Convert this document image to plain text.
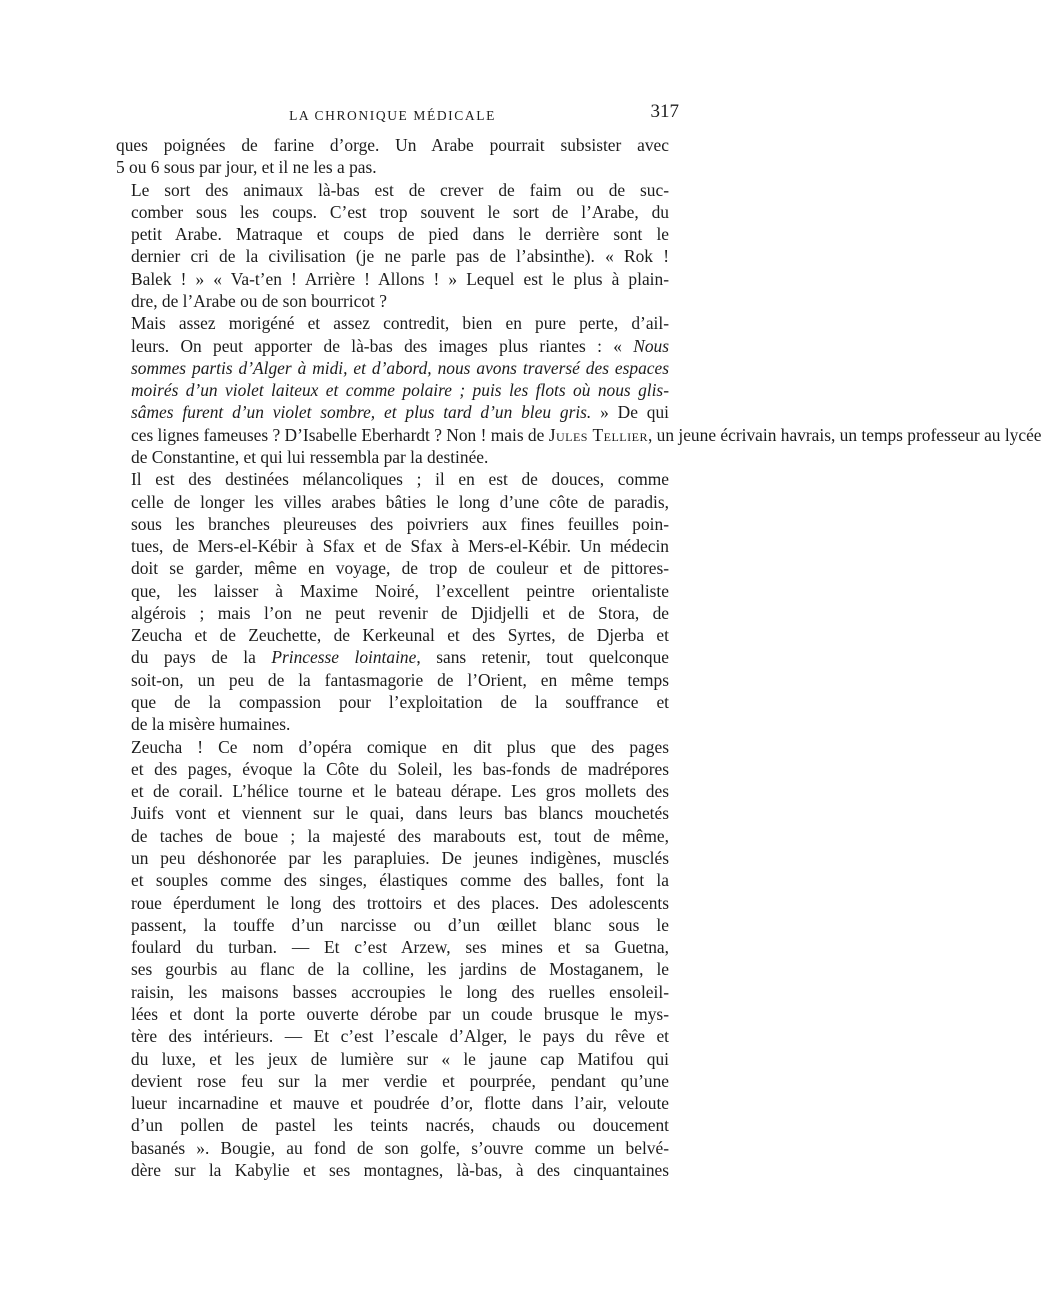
LA CHRONIQUE MÉDICALE	317

ques poignées de farine d’orge. Un Arabe pourrait subsister avec
5 ou 6 sous par jour, et il ne les a pas.

Le sort des animaux là-bas est de crever de faim ou de suc-
comber sous les coups. C’est trop souvent le sort de l’Arabe, du
petit Arabe. Matraque et coups de pied dans le derrière sont le
dernier cri de la civilisation (je ne parle pas de l’absinthe). « Rok !
Balek ! » « Va-t’en ! Arrière ! Allons ! » Lequel est le plus à plain-
dre, de l’Arabe ou de son bourricot ?

Mais assez morigéné et assez contredit, bien en pure perte, d’ail-
leurs. On peut apporter de là-bas des images plus riantes : « Nous
sommes partis d’Alger à midi, et d’abord, nous avons traversé des espaces
moirés d’un violet laiteux et comme polaire ; puis les flots où nous glis-
sâmes furent d’un violet sombre, et plus tard d’un bleu gris. » De qui
ces lignes fameuses ? D’Isabelle Eberhardt ? Non ! mais de Jules Tellier, un jeune écrivain havrais, un temps professeur au lycée
de Constantine, et qui lui ressembla par la destinée.

Il est des destinées mélancoliques ; il en est de douces, comme
celle de longer les villes arabes bâties le long d’une côte de paradis,
sous les branches pleureuses des poivriers aux fines feuilles poin-
tues, de Mers-el-Kébir à Sfax et de Sfax à Mers-el-Kébir. Un médecin
doit se garder, même en voyage, de trop de couleur et de pittores-
que, les laisser à Maxime Noiré, l’excellent peintre orientaliste
algérois ; mais l’on ne peut revenir de Djidjelli et de Stora, de
Zeucha et de Zeuchette, de Kerkeunal et des Syrtes, de Djerba et
du pays de la Princesse lointaine, sans retenir, tout quelconque
soit-on, un peu de la fantasmagorie de l’Orient, en même temps
que de la compassion pour l’exploitation de la souffrance et
de la misère humaines.

Zeucha ! Ce nom d’opéra comique en dit plus que des pages
et des pages, évoque la Côte du Soleil, les bas-fonds de madrépores
et de corail. L’hélice tourne et le bateau dérape. Les gros mollets des
Juifs vont et viennent sur le quai, dans leurs bas blancs mouchetés
de taches de boue ; la majesté des marabouts est, tout de même,
un peu déshonorée par les parapluies. De jeunes indigènes, musclés
et souples comme des singes, élastiques comme des balles, font la
roue éperdument le long des trottoirs et des places. Des adolescents
passent, la touffe d’un narcisse ou d’un œillet blanc sous le
foulard du turban. — Et c’est Arzew, ses mines et sa Guetna,
ses gourbis au flanc de la colline, les jardins de Mostaganem, le
raisin, les maisons basses accroupies le long des ruelles ensoleil-
lées et dont la porte ouverte dérobe par un coude brusque le mys-
tère des intérieurs. — Et c’est l’escale d’Alger, le pays du rêve et
du luxe, et les jeux de lumière sur « le jaune cap Matifou qui
devient rose feu sur la mer verdie et pourprée, pendant qu’une
lueur incarnadine et mauve et poudrée d’or, flotte dans l’air, veloute
d’un pollen de pastel les teints nacrés, chauds ou doucement
basanés ». Bougie, au fond de son golfe, s’ouvre comme un belvé-
dère sur la Kabylie et ses montagnes, là-bas, à des cinquantaines
